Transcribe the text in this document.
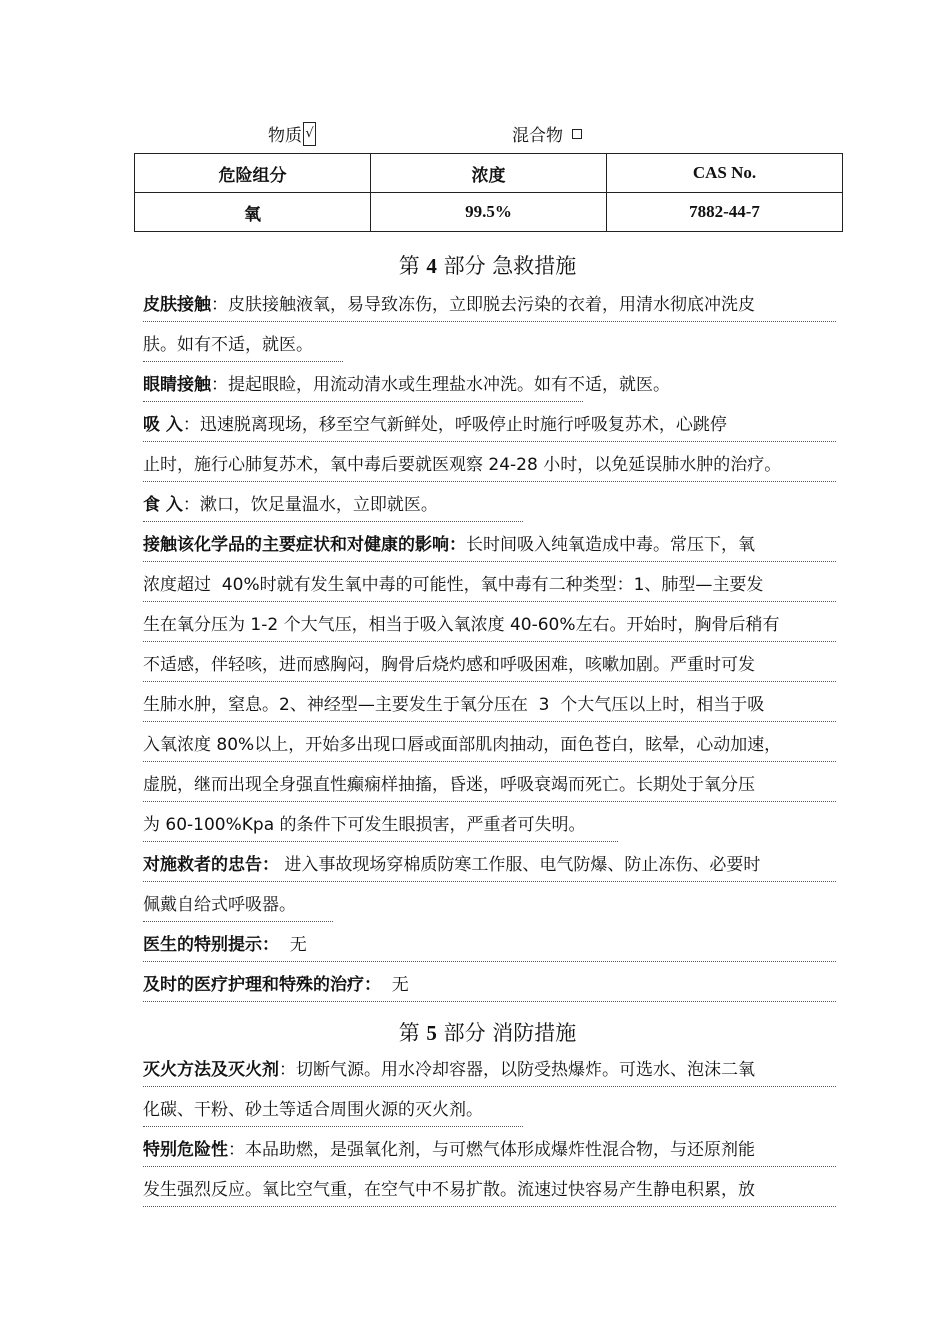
物质 √	混合物
危险组分	浓度	CAS No.
氧	99.5%	7882-44-7
第 4 部分 急救措施
皮肤接触：皮肤接触液氧，易导致冻伤，立即脱去污染的衣着，用清水彻底冲洗皮
肤。如有不适，就医。
眼睛接触：提起眼睑，用流动清水或生理盐水冲洗。如有不适，就医。
吸 入：迅速脱离现场，移至空气新鲜处，呼吸停止时施行呼吸复苏术，心跳停
止时，施行心肺复苏术，氧中毒后要就医观察 24-28 小时，以免延误肺水肿的治疗。
食 入：漱口，饮足量温水，立即就医。
接触该化学品的主要症状和对健康的影响：长时间吸入纯氧造成中毒。常压下，氧
浓度超过  40%时就有发生氧中毒的可能性，氧中毒有二种类型：1、肺型—主要发
生在氧分压为 1-2 个大气压，相当于吸入氧浓度 40-60%左右。开始时，胸骨后稍有
不适感，伴轻咳，进而感胸闷，胸骨后烧灼感和呼吸困难，咳嗽加剧。严重时可发
生肺水肿，窒息。2、神经型—主要发生于氧分压在  3  个大气压以上时，相当于吸
入氧浓度 80%以上，开始多出现口唇或面部肌肉抽动，面色苍白，眩晕，心动加速，
虚脱，继而出现全身强直性癫痫样抽搐，昏迷，呼吸衰竭而死亡。长期处于氧分压
为 60-100%Kpa 的条件下可发生眼损害，严重者可失明。
对施救者的忠告： 进入事故现场穿棉质防寒工作服、电气防爆、防止冻伤、必要时
佩戴自给式呼吸器。
医生的特别提示：  无
及时的医疗护理和特殊的治疗：  无
第 5 部分 消防措施
灭火方法及灭火剂：切断气源。用水冷却容器，以防受热爆炸。可选水、泡沫二氧
化碳、干粉、砂土等适合周围火源的灭火剂。
特别危险性：本品助燃，是强氧化剂，与可燃气体形成爆炸性混合物，与还原剂能
发生强烈反应。氧比空气重，在空气中不易扩散。流速过快容易产生静电积累，放
